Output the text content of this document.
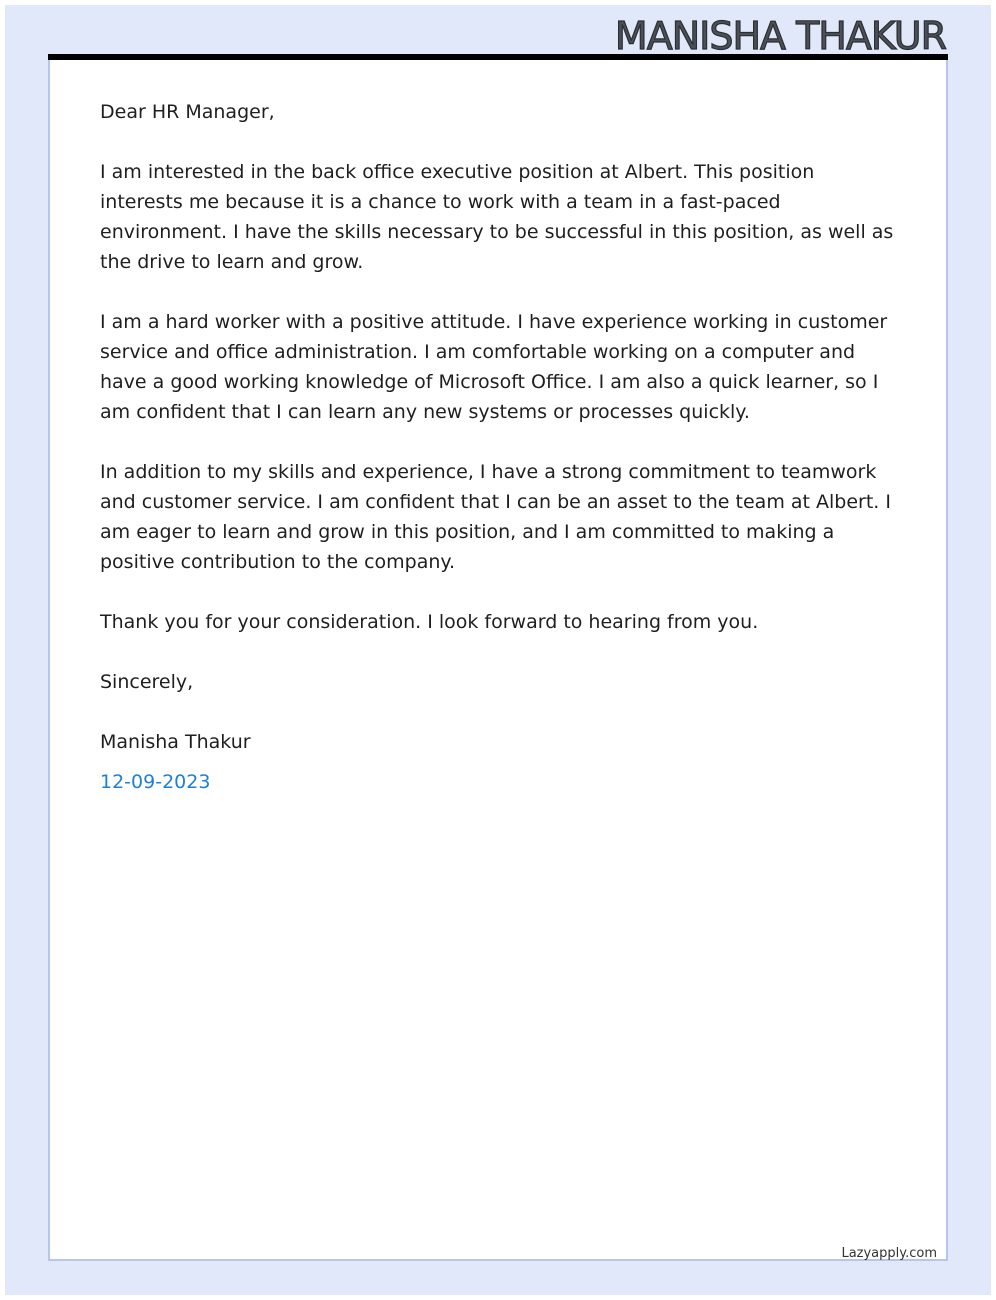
MANISHA THAKUR

Dear HR Manager,

I am interested in the back office executive position at Albert. This position interests me because it is a chance to work with a team in a fast-paced environment. I have the skills necessary to be successful in this position, as well as the drive to learn and grow.

I am a hard worker with a positive attitude. I have experience working in customer service and office administration. I am comfortable working on a computer and have a good working knowledge of Microsoft Office. I am also a quick learner, so I am confident that I can learn any new systems or processes quickly.

In addition to my skills and experience, I have a strong commitment to teamwork and customer service. I am confident that I can be an asset to the team at Albert. I am eager to learn and grow in this position, and I am committed to making a positive contribution to the company.

Thank you for your consideration. I look forward to hearing from you.

Sincerely,

Manisha Thakur

12-09-2023

Lazyapply.com
